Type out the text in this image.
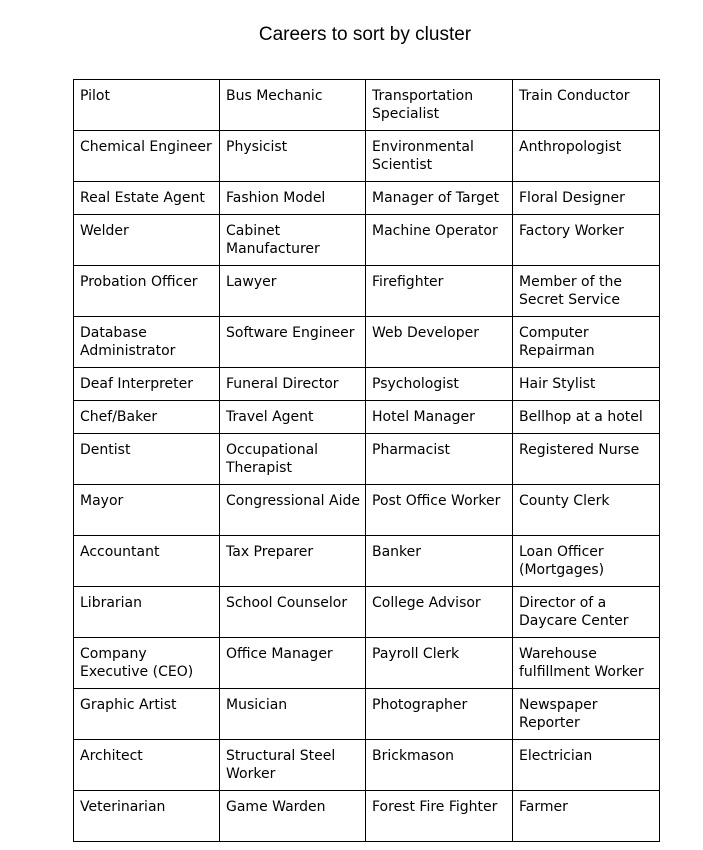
Careers to sort by cluster
Pilot	Bus Mechanic	Transportation Specialist	Train Conductor
Chemical Engineer	Physicist	Environmental Scientist	Anthropologist
Real Estate Agent	Fashion Model	Manager of Target	Floral Designer
Welder	Cabinet Manufacturer	Machine Operator	Factory Worker
Probation Officer	Lawyer	Firefighter	Member of the Secret Service
Database Administrator	Software Engineer	Web Developer	Computer Repairman
Deaf Interpreter	Funeral Director	Psychologist	Hair Stylist
Chef/Baker	Travel Agent	Hotel Manager	Bellhop at a hotel
Dentist	Occupational Therapist	Pharmacist	Registered Nurse
Mayor	Congressional Aide	Post Office Worker	County Clerk
Accountant	Tax Preparer	Banker	Loan Officer (Mortgages)
Librarian	School Counselor	College Advisor	Director of a Daycare Center
Company Executive (CEO)	Office Manager	Payroll Clerk	Warehouse fulfillment Worker
Graphic Artist	Musician	Photographer	Newspaper Reporter
Architect	Structural Steel Worker	Brickmason	Electrician
Veterinarian	Game Warden	Forest Fire Fighter	Farmer
